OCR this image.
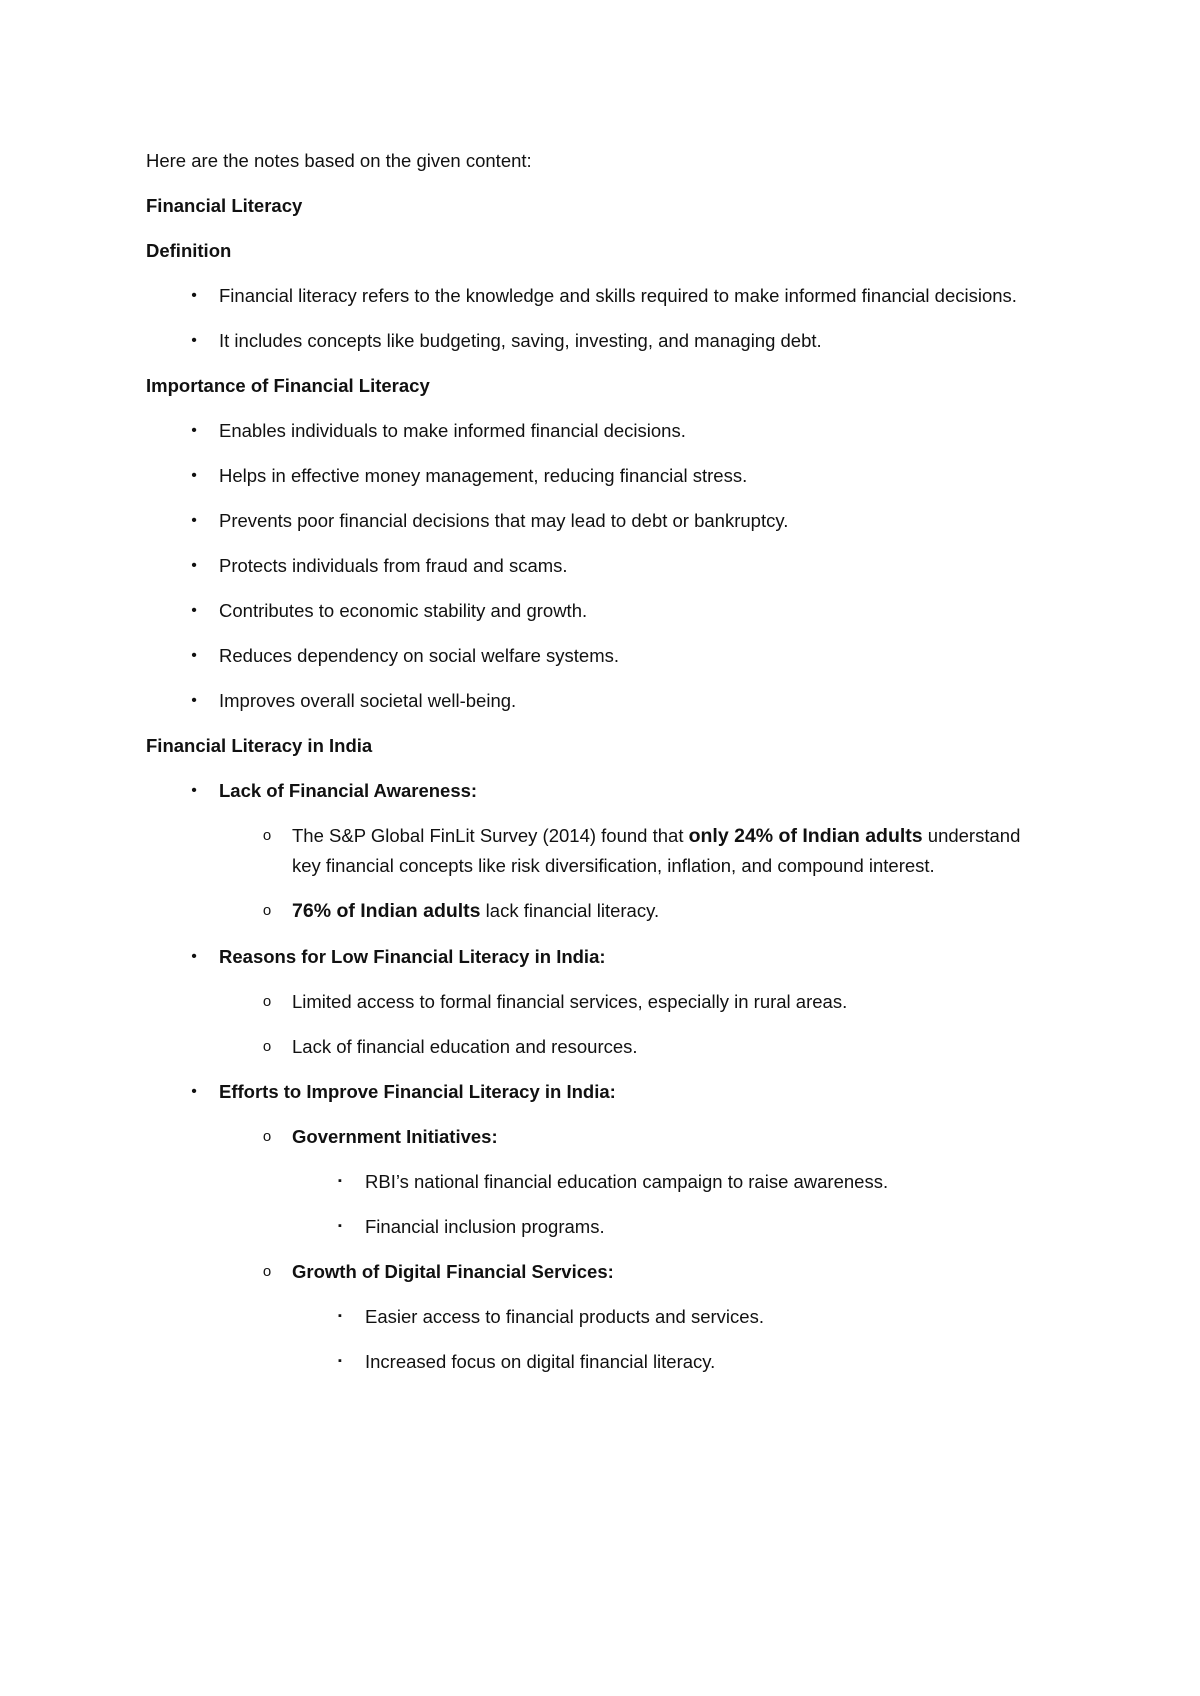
Here are the notes based on the given content:

Financial Literacy

Definition

•	Financial literacy refers to the knowledge and skills required to make informed financial decisions.
•	It includes concepts like budgeting, saving, investing, and managing debt.

Importance of Financial Literacy

•	Enables individuals to make informed financial decisions.
•	Helps in effective money management, reducing financial stress.
•	Prevents poor financial decisions that may lead to debt or bankruptcy.
•	Protects individuals from fraud and scams.
•	Contributes to economic stability and growth.
•	Reduces dependency on social welfare systems.
•	Improves overall societal well-being.

Financial Literacy in India

•	Lack of Financial Awareness:
o	The S&P Global FinLit Survey (2014) found that only 24% of Indian adults understand key financial concepts like risk diversification, inflation, and compound interest.
o 76% of Indian adults lack financial literacy.
•	Reasons for Low Financial Literacy in India:
o	Limited access to formal financial services, especially in rural areas.
o	Lack of financial education and resources.
•	Efforts to Improve Financial Literacy in India:
o	Government Initiatives:
▪	RBI’s national financial education campaign to raise awareness.
▪	Financial inclusion programs.
o	Growth of Digital Financial Services:
▪	Easier access to financial products and services.
▪	Increased focus on digital financial literacy.
